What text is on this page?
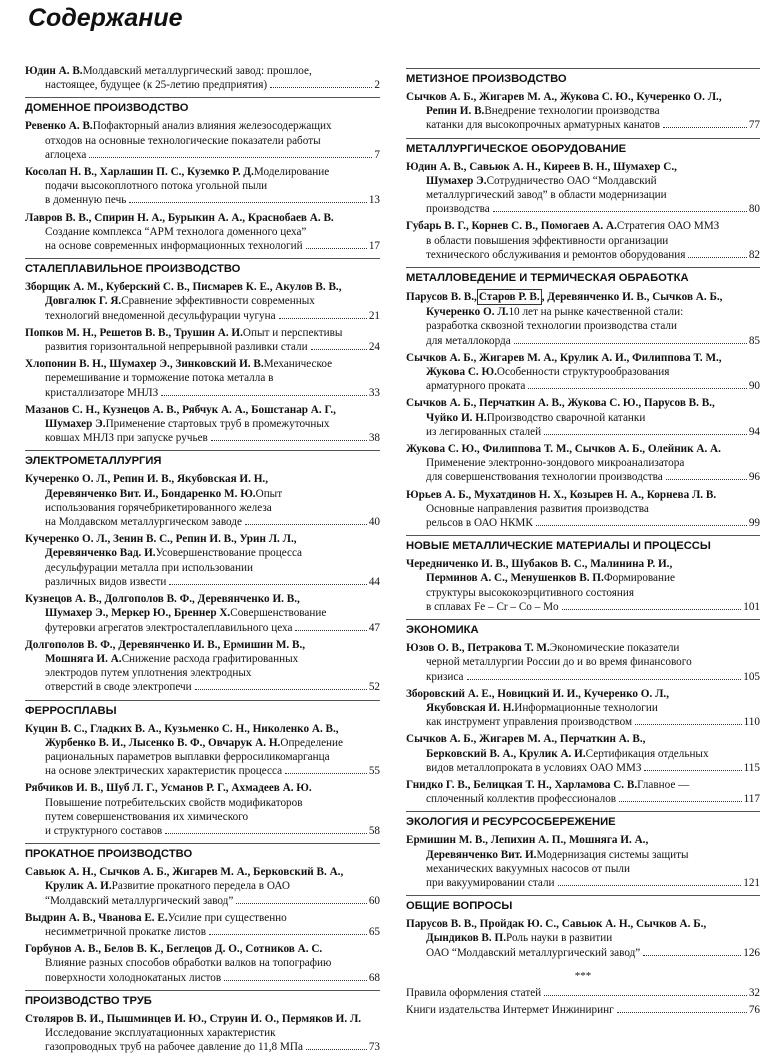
Содержание
Юдин А. В. Молдавский металлургический завод: прошлое,
настоящее, будущее (к 25-летию предприятия)	2
ДОМЕННОЕ ПРОИЗВОДСТВО
Ревенко А. В. Пофакторный анализ влияния железосодержащих
отходов на основные технологические показатели работы
аглоцеха	7
Косолап Н. В., Харлашин П. С., Куземко Р. Д. Моделирование
подачи высокоплотного потока угольной пыли
в доменную печь	13
Лавров В. В., Спирин Н. А., Бурыкин А. А., Краснобаев А. В.
Создание комплекса “АРМ технолога доменного цеха”
на основе современных информационных технологий	17
СТАЛЕПЛАВИЛЬНОЕ ПРОИЗВОДСТВО
Зборщик А. М., Куберский С. В., Писмарев К. Е., Акулов В. В.,
Довгалюк Г. Я. Сравнение эффективности современных
технологий внедоменной десульфурации чугуна	21
Попков М. Н., Решетов В. В., Трушин А. И. Опыт и перспективы
развития горизонтальной непрерывной разливки стали	24
Хлопонин В. Н., Шумахер Э., Зинковский И. В. Механическое
перемешивание и торможение потока металла в
кристаллизаторе МНЛЗ	33
Мазанов С. Н., Кузнецов А. В., Рябчук А. А., Бошстанар А. Г.,
Шумахер Э. Применение стартовых труб в промежуточных
ковшах МНЛЗ при запуске ручьев	38
ЭЛЕКТРОМЕТАЛЛУРГИЯ
Кучеренко О. Л., Репин И. В., Якубовская И. Н.,
Деревянченко Вит. И., Бондаренко М. Ю. Опыт
использования горячебрикетированного железа
на Молдавском металлургическом заводе	40
Кучеренко О. Л., Зенин В. С., Репин И. В., Урин Л. Л.,
Деревянченко Вад. И. Усовершенствование процесса
десульфурации металла при использовании
различных видов извести	44
Кузнецов А. В., Долгополов В. Ф., Деревянченко И. В.,
Шумахер Э., Меркер Ю., Бреннер Х. Совершенствование
футеровки агрегатов электросталеплавильного цеха	47
Долгополов В. Ф., Деревянченко И. В., Ермишин М. В.,
Мошняга И. А. Снижение расхода графитированных
электродов путем уплотнения электродных
отверстий в своде электропечи	52
ФЕРРОСПЛАВЫ
Куцин В. С., Гладких В. А., Кузьменко С. Н., Николенко А. В.,
Журбенко В. И., Лысенко В. Ф., Овчарук А. Н. Определение
рациональных параметров выплавки ферросиликомарганца
на основе электрических характеристик процесса	55
Рябчиков И. В., Шуб Л. Г., Усманов Р. Г., Ахмадеев А. Ю.
Повышение потребительских свойств модификаторов
путем совершенствования их химического
и структурного составов	58
ПРОКАТНОЕ ПРОИЗВОДСТВО
Савьюк А. Н., Сычков А. Б., Жигарев М. А., Берковский В. А.,
Крулик А. И. Развитие прокатного передела в ОАО
“Молдавский металлургический завод”	60
Выдрин А. В., Чванова Е. Е. Усилие при существенно
несимметричной прокатке листов	65
Горбунов А. В., Белов В. К., Беглецов Д. О., Сотников А. С.
Влияние разных способов обработки валков на топографию
поверхности холоднокатаных листов	68
ПРОИЗВОДСТВО ТРУБ
Столяров В. И., Пышминцев И. Ю., Струин И. О., Пермяков И. Л.
Исследование эксплуатационных характеристик
газопроводных труб на рабочее давление до 11,8 МПа	73
МЕТИЗНОЕ ПРОИЗВОДСТВО
Сычков А. Б., Жигарев М. А., Жукова С. Ю., Кучеренко О. Л.,
Репин И. В. Внедрение технологии производства
катанки для высокопрочных арматурных канатов	77
МЕТАЛЛУРГИЧЕСКОЕ ОБОРУДОВАНИЕ
Юдин А. В., Савьюк А. Н., Киреев В. Н., Шумахер С.,
Шумахер Э. Сотрудничество ОАО “Молдавский
металлургический завод” в области модернизации
производства	80
Губарь В. Г., Корнев С. В., Помогаев А. А. Стратегия ОАО ММЗ
в области повышения эффективности организации
технического обслуживания и ремонтов оборудования	82
МЕТАЛЛОВЕДЕНИЕ И ТЕРМИЧЕСКАЯ ОБРАБОТКА
Парусов В. В., Старов Р. В. , Деревянченко И. В., Сычков А. Б.,
Кучеренко О. Л. 10 лет на рынке качественной стали:
разработка сквозной технологии производства стали
для металлокорда	85
Сычков А. Б., Жигарев М. А., Крулик А. И., Филиппова Т. М.,
Жукова С. Ю. Особенности структурообразования
арматурного проката	90
Сычков А. Б., Перчаткин А. В., Жукова С. Ю., Парусов В. В.,
Чуйко И. Н. Производство сварочной катанки
из легированных сталей	94
Жукова С. Ю., Филиппова Т. М., Сычков А. Б., Олейник А. А.
Применение электронно-зондового микроанализатора
для совершенствования технологии производства	96
Юрьев А. Б., Мухатдинов Н. Х., Козырев Н. А., Корнева Л. В.
Основные направления развития производства
рельсов в ОАО НКМК	99
НОВЫЕ МЕТАЛЛИЧЕСКИЕ МАТЕРИАЛЫ И ПРОЦЕССЫ
Чередниченко И. В., Шубаков В. С., Малинина Р. И.,
Перминов А. С., Менушенков В. П. Формирование
структуры высококоэрцитивного состояния
в сплавах Fe – Cr – Co – Mo	101
ЭКОНОМИКА
Юзов О. В., Петракова Т. М. Экономические показатели
черной металлургии России до и во время финансового
кризиса	105
Зборовский А. Е., Новицкий И. И., Кучеренко О. Л.,
Якубовская И. Н. Информационные технологии
как инструмент управления производством	110
Сычков А. Б., Жигарев М. А., Перчаткин А. В.,
Берковский В. А., Крулик А. И. Сертификация отдельных
видов металлопроката в условиях ОАО ММЗ	115
Гнидко Г. В., Белицкая Т. Н., Харламова С. В. Главное —
сплоченный коллектив профессионалов	117
ЭКОЛОГИЯ И РЕСУРСОСБЕРЕЖЕНИЕ
Ермишин М. В., Лепихин А. П., Мошняга И. А.,
Деревянченко Вит. И. Модернизация системы защиты
механических вакуумных насосов от пыли
при вакуумировании стали	121
ОБЩИЕ ВОПРОСЫ
Парусов В. В., Пройдак Ю. С., Савьюк А. Н., Сычков А. Б.,
Дындиков В. П. Роль науки в развитии
ОАО “Молдавский металлургический завод”	126
***
Правила оформления статей	32
Книги издательства Интермет Инжиниринг	76
